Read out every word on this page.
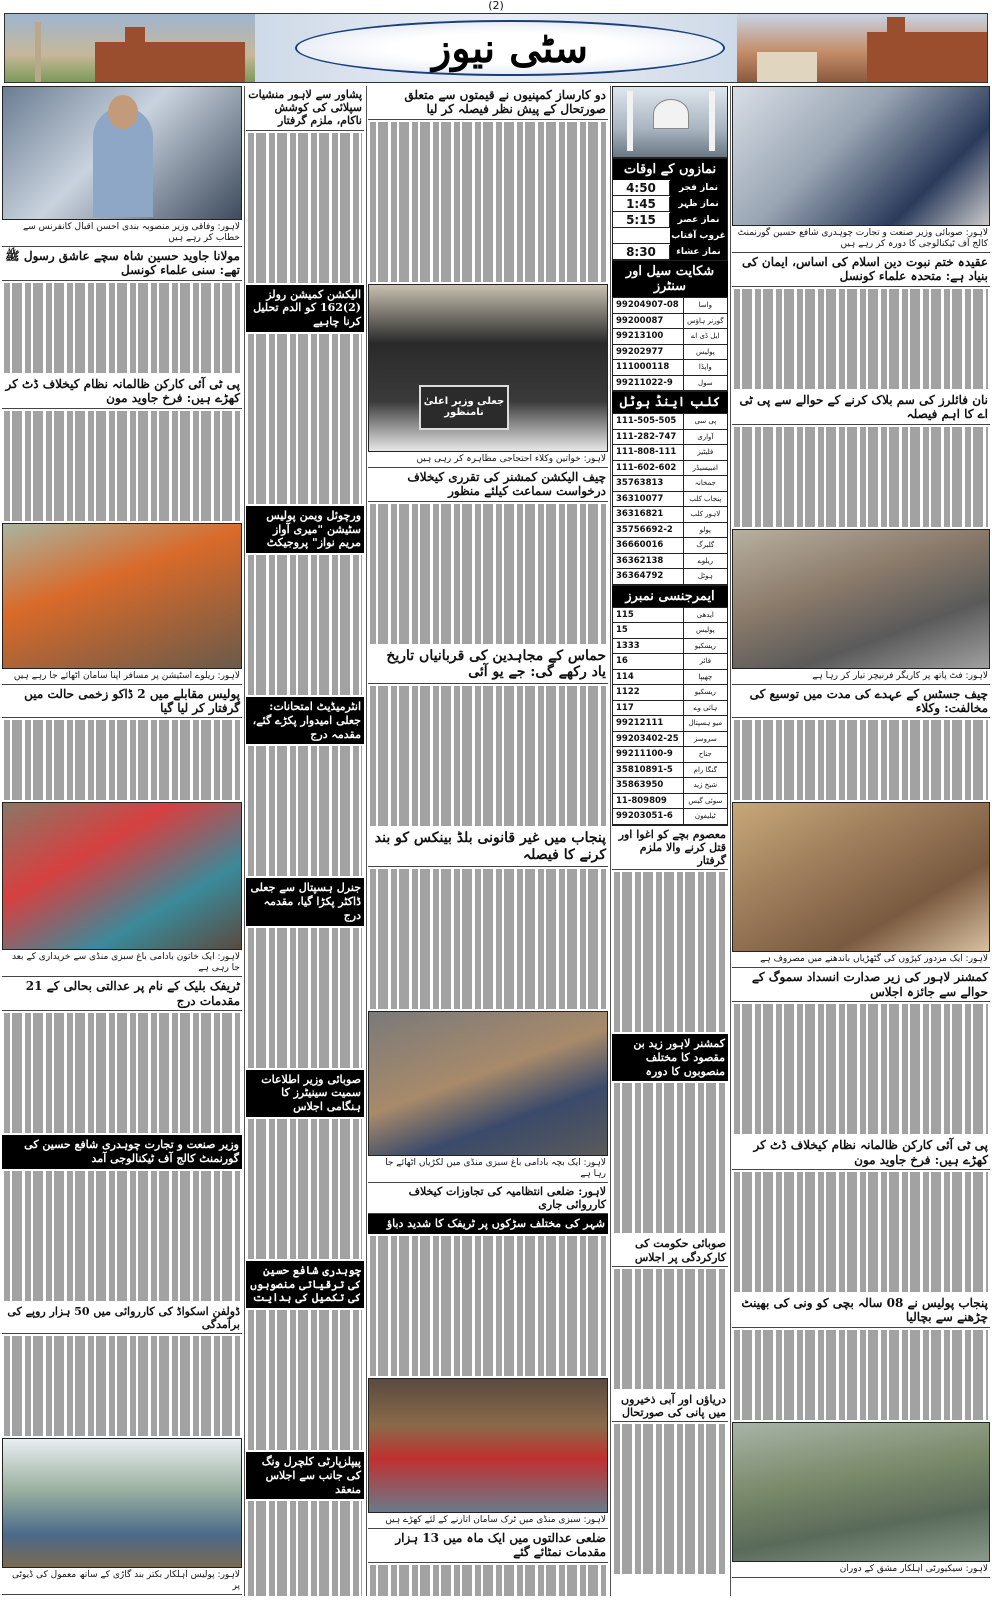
(2)
سٹی نیوز
لاہور: وفاقی وزیر منصوبہ بندی احسن اقبال کانفرنس سے خطاب کر رہے ہیں
مولانا جاوید حسین شاہ سچے عاشق رسول ﷺ تھے: سنی علماء کونسل
پی ٹی آئی کارکن ظالمانہ نظام کیخلاف ڈٹ کر کھڑے ہیں: فرخ جاوید مون
لاہور: ریلوے اسٹیشن پر مسافر اپنا سامان اٹھائے جا رہے ہیں
پولیس مقابلے میں 2 ڈاکو زخمی حالت میں گرفتار کر لیا گیا
لاہور: ایک خاتون بادامی باغ سبزی منڈی سے خریداری کے بعد جا رہی ہے
ٹریفک بلیک کے نام پر عدالتی بحالی کے 21 مقدمات درج
وزیر صنعت و تجارت چوہدری شافع حسین کی گورنمنٹ کالج آف ٹیکنالوجی آمد
ڈولفن اسکواڈ کی کارروائی میں 50 ہزار روپے کی برآمدگی
لاہور: پولیس اہلکار بکتر بند گاڑی کے ساتھ معمول کی ڈیوٹی پر
پشاور سے لاہور منشیات سپلائی کی کوشش ناکام، ملزم گرفتار
الیکشن کمیشن رولز (2)162 کو الدم تحلیل کرنا چاہیے
ورچوئل ویمن پولیس سٹیشن "میری آواز مریم نواز" پروجیکٹ
انٹرمیڈیٹ امتحانات: جعلی امیدوار پکڑے گئے، مقدمہ درج
جنرل ہسپتال سے جعلی ڈاکٹر پکڑا گیا، مقدمہ درج
صوبائی وزیر اطلاعات سمیت سینیٹرز کا ہنگامی اجلاس
چوہدری شافع حسین کی ترقیاتی منصوبوں کی تکمیل کی ہدایت
پیپلزپارٹی کلچرل ونگ کی جانب سے اجلاس منعقد
دو کارساز کمپنیوں نے قیمتوں سے متعلق صورتحال کے پیش نظر فیصلہ کر لیا
جعلی وزیر اعلیٰ نامنظور
لاہور: خواتین وکلاء احتجاجی مظاہرہ کر رہی ہیں
چیف الیکشن کمشنر کی تقرری کیخلاف درخواست سماعت کیلئے منظور
حماس کے مجاہدین کی قربانیاں تاریخ یاد رکھے گی: جے یو آئی
پنجاب میں غیر قانونی بلڈ بینکس کو بند کرنے کا فیصلہ
لاہور: ایک بچہ بادامی باغ سبزی منڈی میں لکڑیاں اٹھائے جا رہا ہے
لاہور: ضلعی انتظامیہ کی تجاوزات کیخلاف کارروائی جاری
شہر کی مختلف سڑکوں پر ٹریفک کا شدید دباؤ
لاہور: سبزی منڈی میں ٹرک سامان اتارنے کے لئے کھڑے ہیں
ضلعی عدالتوں میں ایک ماہ میں 13 ہزار مقدمات نمٹائے گئے
نمازوں کے اوقات
4:50	نماز فجر
1:45	نماز ظہر
5:15	نماز عصر
غروب آفتاب
8:30	نماز عشاء
شکایت سیل اور سنٹرز
99204907-08	واسا
99200087	گورنر ہاؤس
99213100	ایل ڈی اے
99202977	پولیس
111000118	واپڈا
99211022-9	سول
کلب اینڈ ہوٹل
111-505-505	پی سی
111-282-747	آواری
111-808-111	فلیٹیز
111-602-602	امبیسیڈر
35763813	جمخانہ
36310077	پنجاب کلب
36316821	لاہور کلب
35756692-2	پولو
36660016	گلبرگ
36362138	ریلوے
36364792	ہوٹل
ایمرجنسی نمبرز
115	ایدھی
15	پولیس
1333	ریسکیو
16	فائر
114	چھیپا
1122	ریسکیو
117	ہائی وے
99212111	میو ہسپتال
99203402-25	سروسز
99211100-9	جناح
35810891-5	گنگا رام
35863950	شیخ زید
11-809809	سوئی گیس
99203051-6	ٹیلیفون
معصوم بچے کو اغوا اور قتل کرنے والا ملزم گرفتار
کمشنر لاہور زید بن مقصود کا مختلف منصوبوں کا دورہ
صوبائی حکومت کی کارکردگی پر اجلاس
دریاؤں اور آبی ذخیروں میں پانی کی صورتحال
لاہور: صوبائی وزیر صنعت و تجارت چوہدری شافع حسین گورنمنٹ کالج آف ٹیکنالوجی کا دورہ کر رہے ہیں
عقیدہ ختم نبوت دین اسلام کی اساس، ایمان کی بنیاد ہے: متحدہ علماء کونسل
نان فائلرز کی سم بلاک کرنے کے حوالے سے پی ٹی اے کا اہم فیصلہ
لاہور: فٹ پاتھ پر کاریگر فرنیچر تیار کر رہا ہے
چیف جسٹس کے عہدے کی مدت میں توسیع کی مخالفت: وکلاء
لاہور: ایک مزدور کپڑوں کی گٹھڑیاں باندھنے میں مصروف ہے
کمشنر لاہور کی زیر صدارت انسداد سموگ کے حوالے سے جائزہ اجلاس
پی ٹی آئی کارکن ظالمانہ نظام کیخلاف ڈٹ کر کھڑے ہیں: فرخ جاوید مون
پنجاب پولیس نے 08 سالہ بچی کو ونی کی بھینٹ چڑھنے سے بچالیا
لاہور: سیکیورٹی اہلکار مشق کے دوران
